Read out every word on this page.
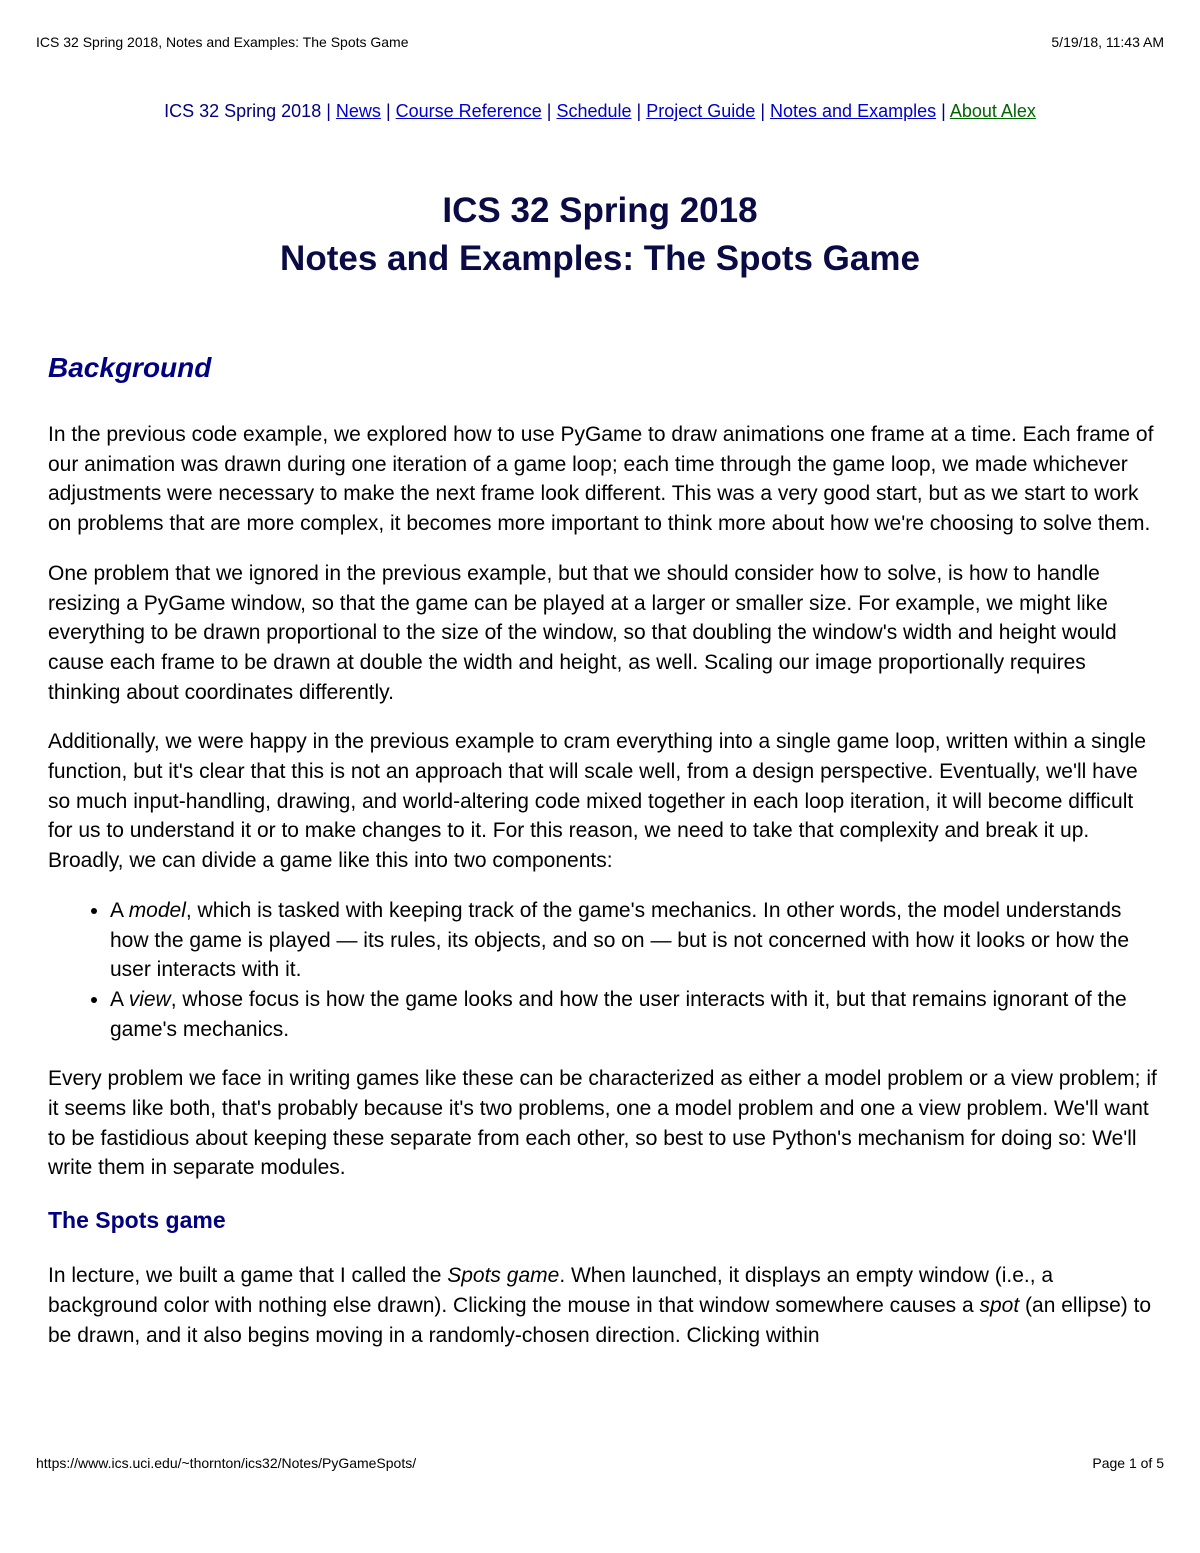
ICS 32 Spring 2018, Notes and Examples: The Spots Game	5/19/18, 11:43 AM
ICS 32 Spring 2018 | News | Course Reference | Schedule | Project Guide | Notes and Examples | About Alex
ICS 32 Spring 2018
Notes and Examples: The Spots Game
Background

In the previous code example, we explored how to use PyGame to draw animations one frame at a time. Each frame of our animation was drawn during one iteration of a game loop; each time through the game loop, we made whichever adjustments were necessary to make the next frame look different. This was a very good start, but as we start to work on problems that are more complex, it becomes more important to think more about how we're choosing to solve them.

One problem that we ignored in the previous example, but that we should consider how to solve, is how to handle resizing a PyGame window, so that the game can be played at a larger or smaller size. For example, we might like everything to be drawn proportional to the size of the window, so that doubling the window's width and height would cause each frame to be drawn at double the width and height, as well. Scaling our image proportionally requires thinking about coordinates differently.

Additionally, we were happy in the previous example to cram everything into a single game loop, written within a single function, but it's clear that this is not an approach that will scale well, from a design perspective. Eventually, we'll have so much input-handling, drawing, and world-altering code mixed together in each loop iteration, it will become difficult for us to understand it or to make changes to it. For this reason, we need to take that complexity and break it up. Broadly, we can divide a game like this into two components:

• A model, which is tasked with keeping track of the game's mechanics. In other words, the model understands how the game is played — its rules, its objects, and so on — but is not concerned with how it looks or how the user interacts with it.
• A view, whose focus is how the game looks and how the user interacts with it, but that remains ignorant of the game's mechanics.

Every problem we face in writing games like these can be characterized as either a model problem or a view problem; if it seems like both, that's probably because it's two problems, one a model problem and one a view problem. We'll want to be fastidious about keeping these separate from each other, so best to use Python's mechanism for doing so: We'll write them in separate modules.

The Spots game

In lecture, we built a game that I called the Spots game. When launched, it displays an empty window (i.e., a background color with nothing else drawn). Clicking the mouse in that window somewhere causes a spot (an ellipse) to be drawn, and it also begins moving in a randomly-chosen direction. Clicking within

https://www.ics.uci.edu/~thornton/ics32/Notes/PyGameSpots/	Page 1 of 5
